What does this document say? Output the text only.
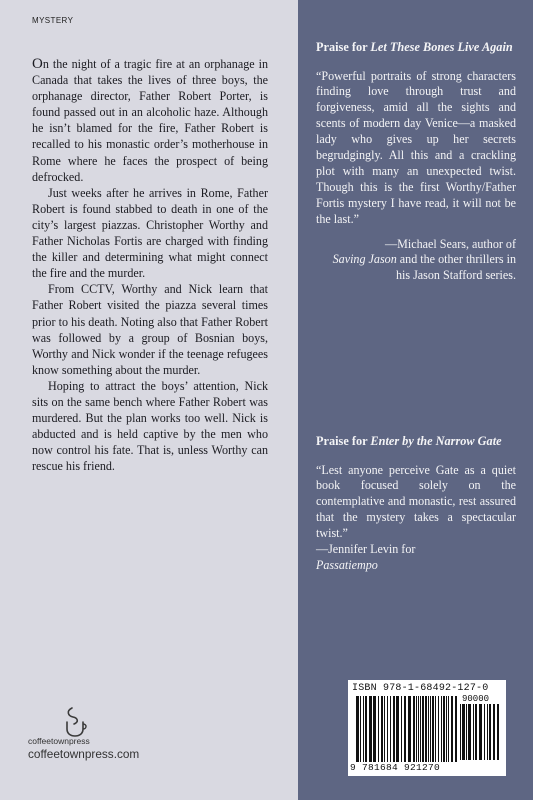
MYSTERY

On the night of a tragic fire at an orphanage in Canada that takes the lives of three boys, the orphanage director, Father Robert Porter, is found passed out in an alcoholic haze. Although he isn’t blamed for the fire, Father Robert is recalled to his monastic order’s motherhouse in Rome where he faces the prospect of being defrocked.

Just weeks after he arrives in Rome, Father Robert is found stabbed to death in one of the city’s largest piazzas. Christopher Worthy and Father Nicholas Fortis are charged with finding the killer and determining what might connect the fire and the murder.

From CCTV, Worthy and Nick learn that Father Robert visited the piazza several times prior to his death. Noting also that Father Robert was followed by a group of Bosnian boys, Worthy and Nick wonder if the teenage refugees know something about the murder.

Hoping to attract the boys’ attention, Nick sits on the same bench where Father Robert was murdered. But the plan works too well. Nick is abducted and is held captive by the men who now control his fate. That is, unless Worthy can rescue his friend.

coffeetownpress
coffeetownpress.com

Praise for Let These Bones Live Again

“Powerful portraits of strong characters finding love through trust and forgiveness, amid all the sights and scents of modern day Venice—a masked lady who gives up her secrets begrudgingly. All this and a crackling plot with many an unexpected twist. Though this is the first Worthy/Father Fortis mystery I have read, it will not be the last.”

—Michael Sears, author of
Saving Jason and the other thrillers in his Jason Stafford series.

Praise for Enter by the Narrow Gate

“Lest anyone perceive Gate as a quiet book focused solely on the contemplative and monastic, rest assured that the mystery takes a spectacular twist.”

—Jennifer Levin for
Passatiempo

ISBN 978-1-68492-127-0
90000
9 781684 921270
